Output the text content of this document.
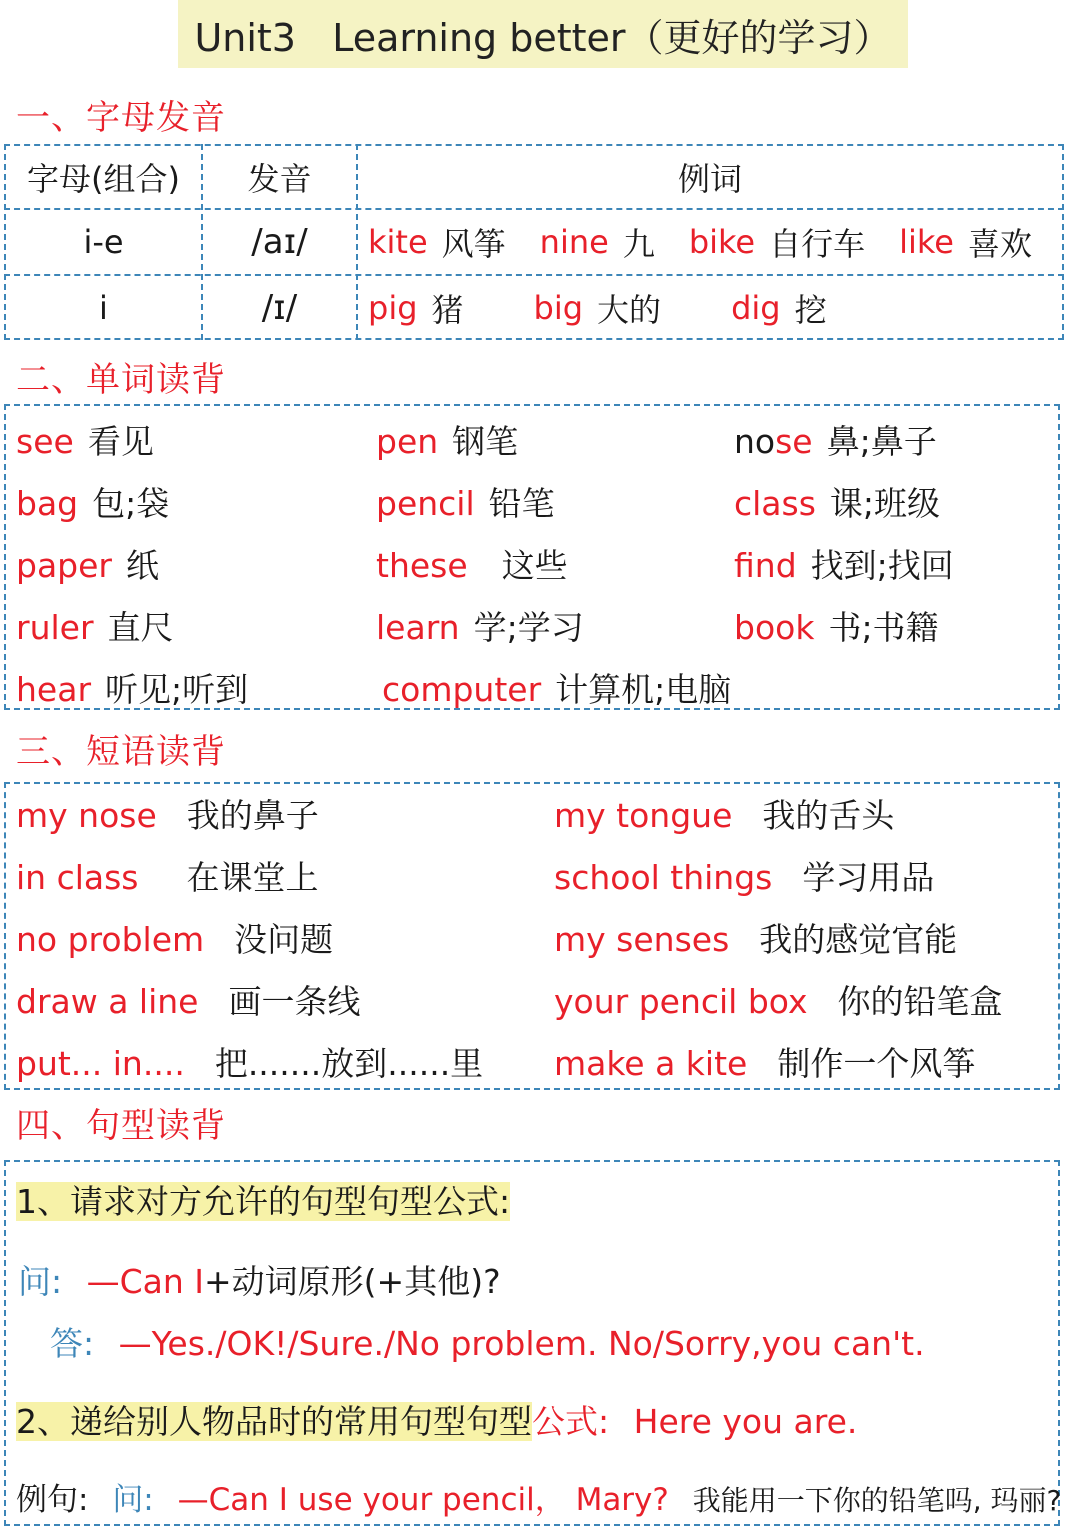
Unit3   Learning better（更好的学习）
一、字母发音
字母(组合)	发音	例词
i-e	/aɪ/	kite 风筝 nine 九 bike 自行车 like 喜欢
i	/ɪ/	pig 猪 big 大的 dig 挖
二、单词读背
see 看见	pen 钢笔	nose 鼻;鼻子
bag 包;袋	pencil 铅笔	class 课;班级
paper 纸	these 这些	find 找到;找回
ruler 直尺	learn 学;学习	book 书;书籍
hear 听见;听到	computer 计算机;电脑
三、短语读背
my nose 我的鼻子	my tongue 我的舌头
in class 在课堂上	school things 学习用品
no problem 没问题	my senses 我的感觉官能
draw a line 画一条线	your pencil box 你的铅笔盒
put... in.... 把.......放到......里 make a kite 制作一个风筝
四、句型读背
1、请求对方允许的句型句型公式:
问: —Can I+动词原形(+其他)?
答: —Yes./OK!/Sure./No problem. No/Sorry,you can't.
2、递给别人物品时的常用句型句型公式: Here you are.
例句: 问: —Can I use your pencil， Mary? 我能用一下你的铅笔吗, 玛丽?
